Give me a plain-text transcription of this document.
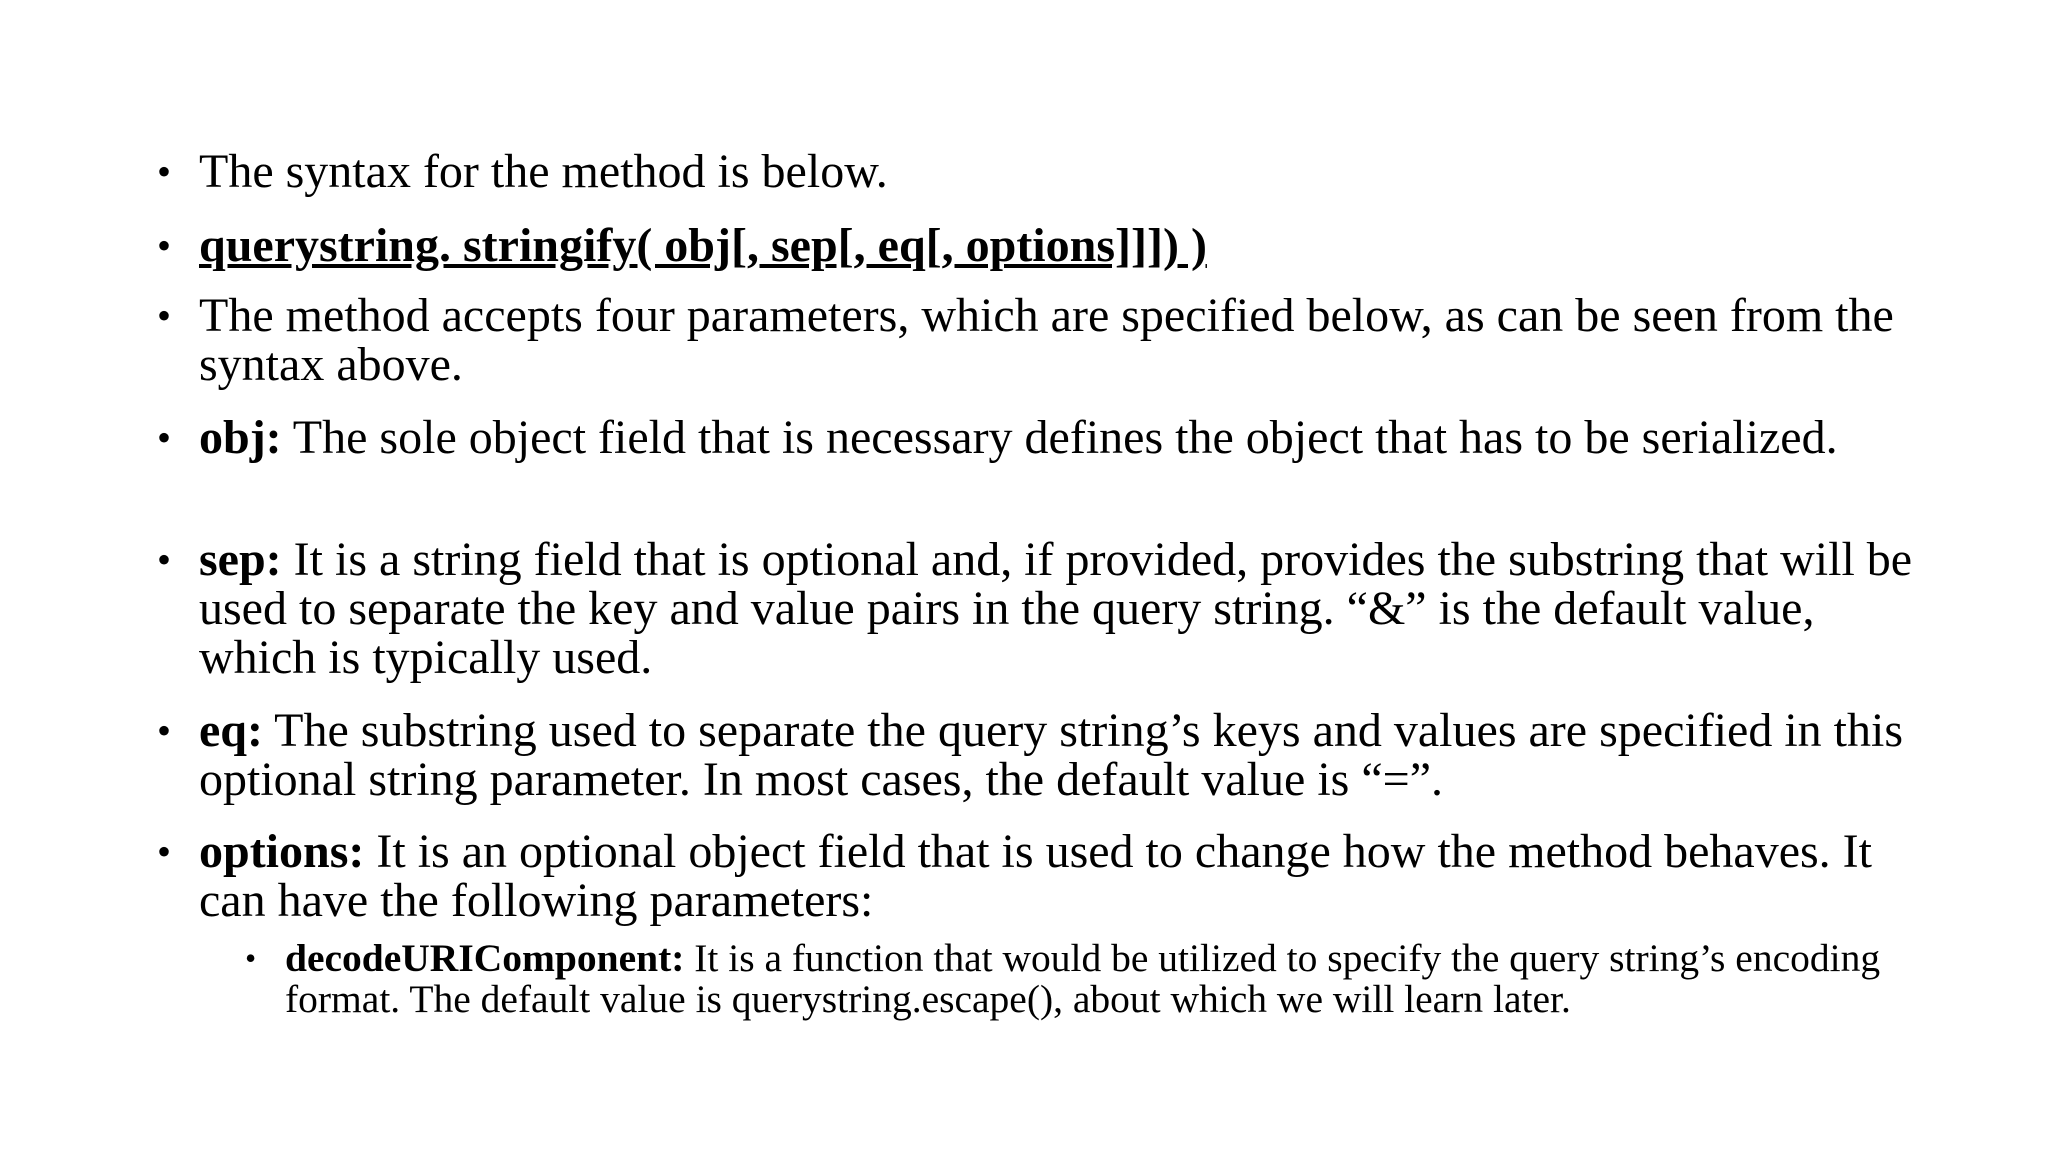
• The syntax for the method is below.
• querystring. stringify( obj[, sep[, eq[, options]]]) )
• The method accepts four parameters, which are specified below, as can be seen from the syntax above.
• obj: The sole object field that is necessary defines the object that has to be serialized.
• sep: It is a string field that is optional and, if provided, provides the substring that will be used to separate the key and value pairs in the query string. “&” is the default value, which is typically used.
• eq: The substring used to separate the query string’s keys and values are specified in this optional string parameter. In most cases, the default value is “=”.
• options: It is an optional object field that is used to change how the method behaves. It can have the following parameters:
• decodeURIComponent: It is a function that would be utilized to specify the query string’s encoding format. The default value is querystring.escape(), about which we will learn later.
